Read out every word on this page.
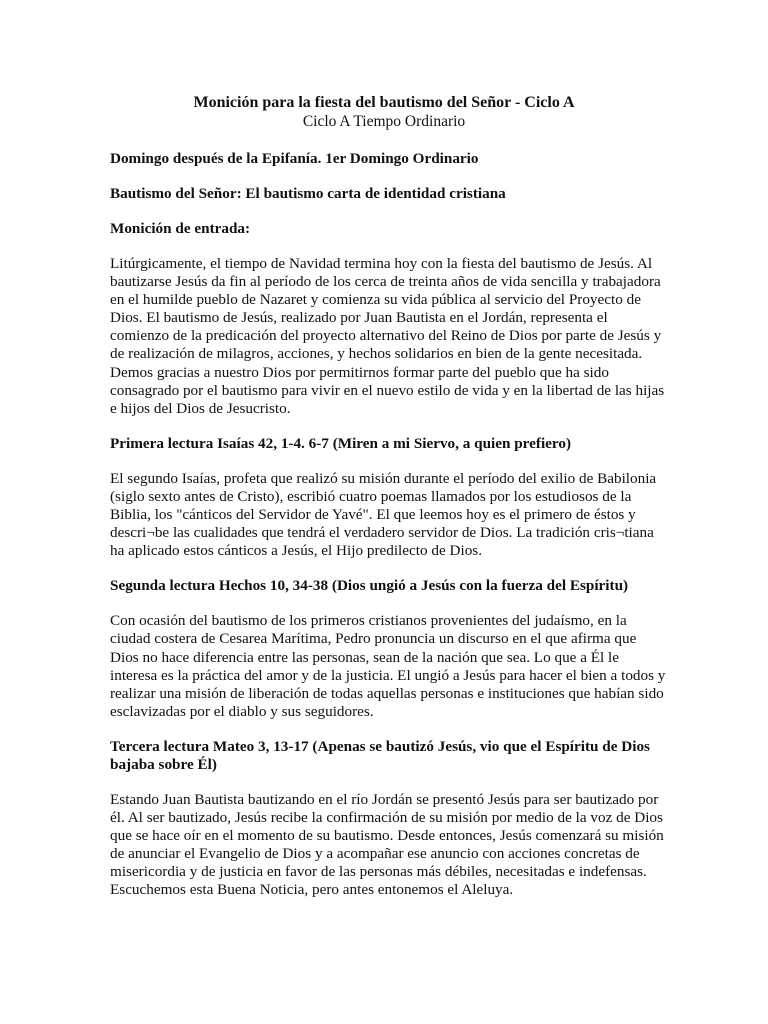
Monición para la fiesta del bautismo del Señor - Ciclo A
Ciclo A Tiempo Ordinario

Domingo después de la Epifanía. 1er Domingo Ordinario

Bautismo del Señor: El bautismo carta de identidad cristiana

Monición de entrada:

Litúrgicamente, el tiempo de Navidad termina hoy con la fiesta del bautismo de Jesús. Al bautizarse Jesús da fin al período de los cerca de treinta años de vida sencilla y trabajadora en el humilde pueblo de Nazaret y comienza su vida pública al servicio del Proyecto de Dios. El bautismo de Jesús, realizado por Juan Bautista en el Jordán, representa el comienzo de la predicación del proyecto alternativo del Reino de Dios por parte de Jesús y de realización de milagros, acciones, y hechos solidarios en bien de la gente necesitada. Demos gracias a nuestro Dios por permitirnos formar parte del pueblo que ha sido consagrado por el bautismo para vivir en el nuevo estilo de vida y en la libertad de las hijas e hijos del Dios de Jesucristo.

Primera lectura Isaías 42, 1-4. 6-7 (Miren a mi Siervo, a quien prefiero)

El segundo Isaías, profeta que realizó su misión durante el período del exilio de Babilonia (siglo sexto antes de Cristo), escribió cuatro poemas llamados por los estudiosos de la Biblia, los "cánticos del Servidor de Yavé". El que leemos hoy es el primero de éstos y descri¬be las cualidades que tendrá el verdadero servidor de Dios. La tradición cris¬tiana ha aplicado estos cánticos a Jesús, el Hijo predilecto de Dios.

Segunda lectura Hechos 10, 34-38 (Dios ungió a Jesús con la fuerza del Espíritu)

Con ocasión del bautismo de los primeros cristianos provenientes del judaísmo, en la ciudad costera de Cesarea Marítima, Pedro pronuncia un discurso en el que afirma que Dios no hace diferencia entre las personas, sean de la nación que sea. Lo que a Él le interesa es la práctica del amor y de la justicia. El ungió a Jesús para hacer el bien a todos y realizar una misión de liberación de todas aquellas personas e instituciones que habían sido esclavizadas por el diablo y sus seguidores.

Tercera lectura Mateo 3, 13-17 (Apenas se bautizó Jesús, vio que el Espíritu de Dios bajaba sobre Él)

Estando Juan Bautista bautizando en el río Jordán se presentó Jesús para ser bautizado por él. Al ser bautizado, Jesús recibe la confirmación de su misión por medio de la voz de Dios que se hace oír en el momento de su bautismo. Desde entonces, Jesús comenzará su misión de anunciar el Evangelio de Dios y a acompañar ese anuncio con acciones concretas de misericordia y de justicia en favor de las personas más débiles, necesitadas e indefensas. Escuchemos esta Buena Noticia, pero antes entonemos el Aleluya.
